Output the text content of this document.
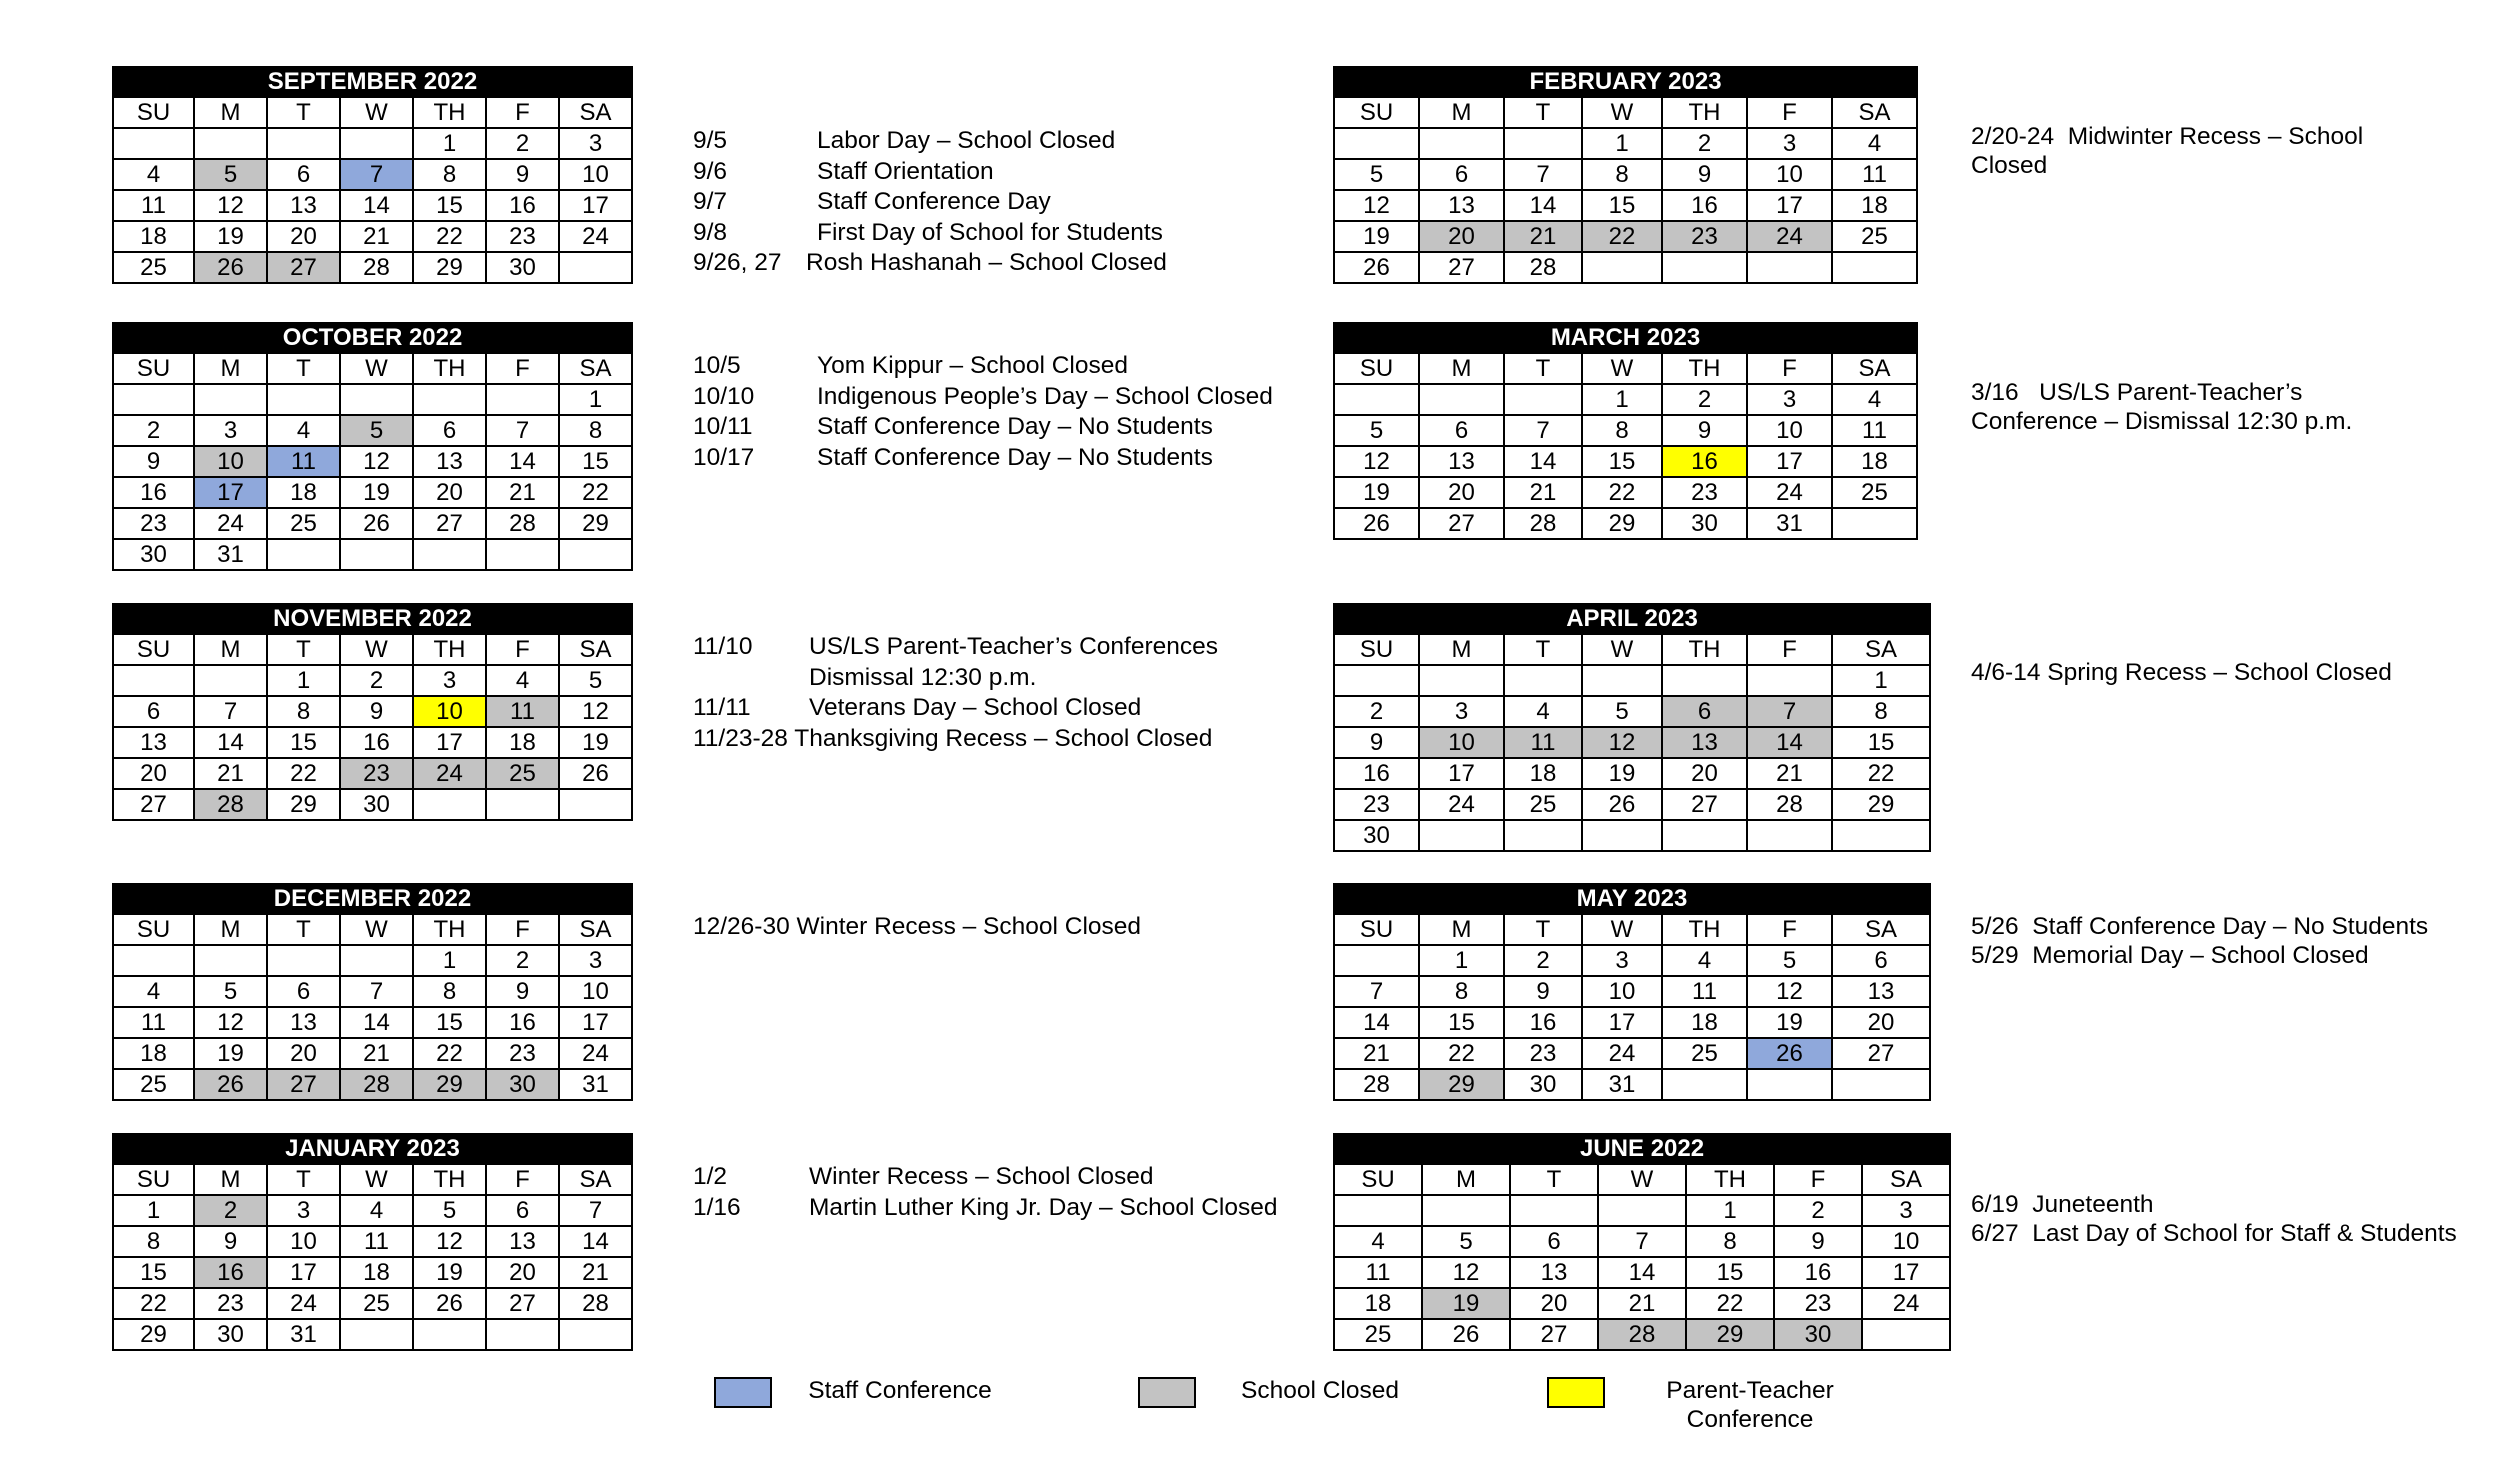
SEPTEMBER 2022						
SU	M	T	W	TH	F	SA
				1	2	3
4	5	6	7	8	9	10
11	12	13	14	15	16	17
18	19	20	21	22	23	24
25	26	27	28	29	30	
OCTOBER 2022						
SU	M	T	W	TH	F	SA
						1
2	3	4	5	6	7	8
9	10	11	12	13	14	15
16	17	18	19	20	21	22
23	24	25	26	27	28	29
30	31					
NOVEMBER 2022						
SU	M	T	W	TH	F	SA
		1	2	3	4	5
6	7	8	9	10	11	12
13	14	15	16	17	18	19
20	21	22	23	24	25	26
27	28	29	30			
DECEMBER 2022						
SU	M	T	W	TH	F	SA
				1	2	3
4	5	6	7	8	9	10
11	12	13	14	15	16	17
18	19	20	21	22	23	24
25	26	27	28	29	30	31
JANUARY 2023						
SU	M	T	W	TH	F	SA
1	2	3	4	5	6	7
8	9	10	11	12	13	14
15	16	17	18	19	20	21
22	23	24	25	26	27	28
29	30	31				
FEBRUARY 2023						
SU	M	T	W	TH	F	SA
			1	2	3	4
5	6	7	8	9	10	11
12	13	14	15	16	17	18
19	20	21	22	23	24	25
26	27	28				
MARCH 2023						
SU	M	T	W	TH	F	SA
			1	2	3	4
5	6	7	8	9	10	11
12	13	14	15	16	17	18
19	20	21	22	23	24	25
26	27	28	29	30	31	
APRIL 2023						
SU	M	T	W	TH	F	SA
						1
2	3	4	5	6	7	8
9	10	11	12	13	14	15
16	17	18	19	20	21	22
23	24	25	26	27	28	29
30						
MAY 2023						
SU	M	T	W	TH	F	SA
	1	2	3	4	5	6
7	8	9	10	11	12	13
14	15	16	17	18	19	20
21	22	23	24	25	26	27
28	29	30	31			
JUNE 2022						
SU	M	T	W	TH	F	SA
				1	2	3
4	5	6	7	8	9	10
11	12	13	14	15	16	17
18	19	20	21	22	23	24
25	26	27	28	29	30	
9/5	Labor Day – School Closed
9/6	Staff Orientation
9/7	Staff Conference Day
9/8	First Day of School for Students
9/26, 27 Rosh Hashanah – School Closed
10/5	Yom Kippur – School Closed
10/10	Indigenous People’s Day – School Closed
10/11	Staff Conference Day – No Students
10/17	Staff Conference Day – No Students
11/10 US/LS Parent-Teacher’s Conferences
Dismissal 12:30 p.m.
11/11 Veterans Day – School Closed
11/23-28 Thanksgiving Recess – School Closed
12/26-30 Winter Recess – School Closed
1/2	Winter Recess – School Closed
1/16	Martin Luther King Jr. Day – School Closed
2/20-24  Midwinter Recess – School
Closed
3/16   US/LS Parent-Teacher’s
Conference – Dismissal 12:30 p.m.
4/6-14 Spring Recess – School Closed
5/26  Staff Conference Day – No Students
5/29  Memorial Day – School Closed
6/19  Juneteenth
6/27  Last Day of School for Staff & Students
Staff Conference	School Closed	Parent-Teacher
Conference
